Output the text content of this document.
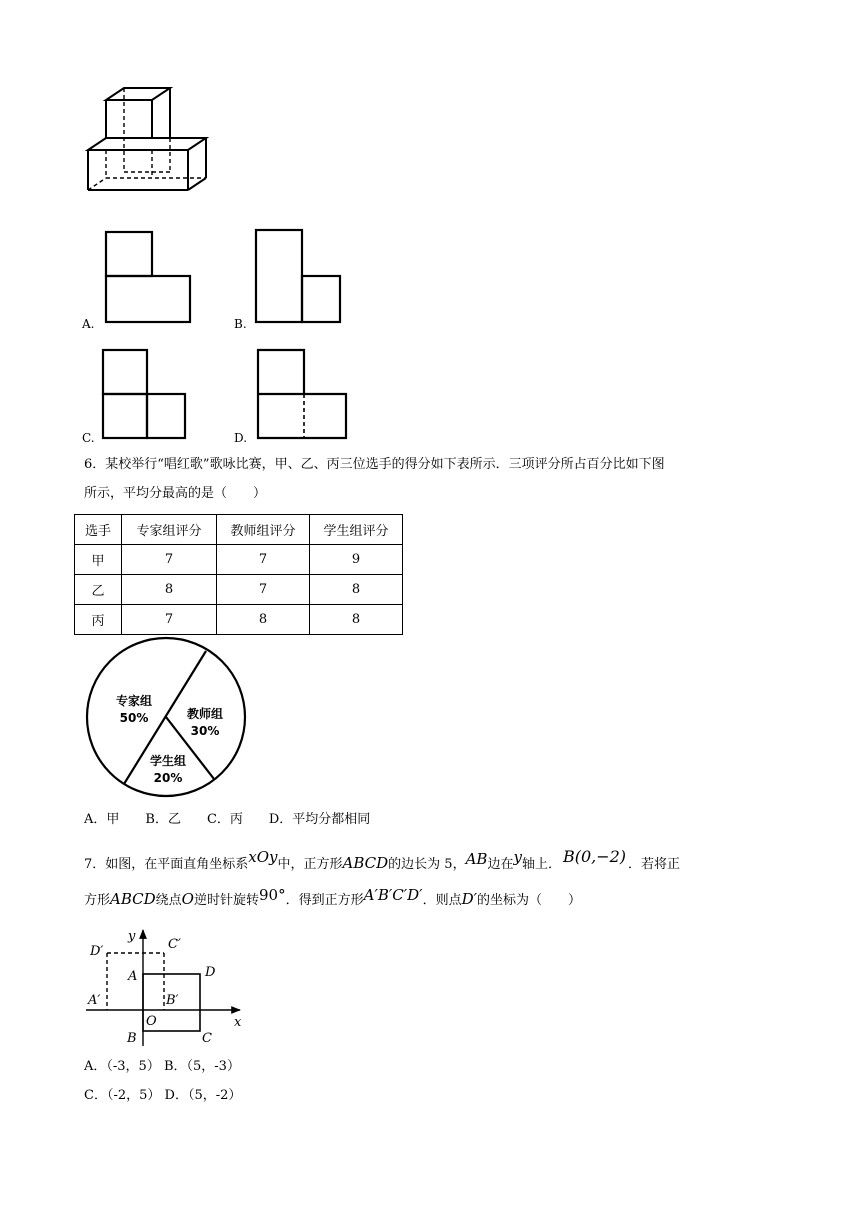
A.	B.
C.	D.
6．某校举行“唱红歌”歌咏比赛，甲、乙、丙三位选手的得分如下表所示．三项评分所占百分比如下图
所示，平均分最高的是（　　）
选手	专家组评分	教师组评分	学生组评分
甲	7	7	9
乙	8	7	8
丙	7	8	8
专家组
50%	教师组
30%
学生组
20%
A．甲　　B．乙　　C．丙　　D．平均分都相同
7．如图，在平面直角坐标系xOy中，正方形ABCD的边长为 5，AB边在y轴上． B(0,−2) ．若将正
方形ABCD绕点O逆时针旋转90°．得到正方形A′B′C′D′．则点D′的坐标为（　　）
y
x
O
A
B	C
D
A′	B′
C′
D′
A．（-3，5） B．（5，-3）
C．（-2，5） D．（5，-2）
